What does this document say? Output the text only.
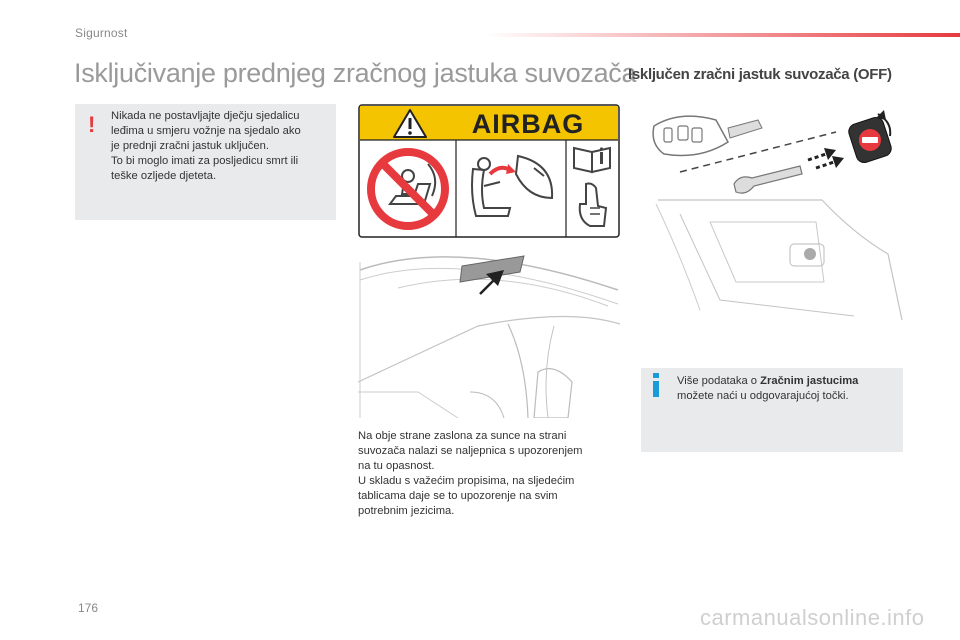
Sigurnost
Isključivanje prednjeg zračnog jastuka suvozača
Isključen zračni jastuk suvozača (OFF)
! Nikada ne postavljajte dječju sjedalicu
leđima u smjeru vožnje na sjedalo ako
je prednji zračni jastuk uključen.
To bi moglo imati za posljedicu smrt ili
teške ozljede djeteta.
AIRBAG
Na obje strane zaslona za sunce na strani
suvozača nalazi se naljepnica s upozorenjem
na tu opasnost.
U skladu s važećim propisima, na sljedećim
tablicama daje se to upozorenje na svim
potrebnim jezicima.
Više podataka o Zračnim jastucima
možete naći u odgovarajućoj točki.
176	carmanualsonline.info
